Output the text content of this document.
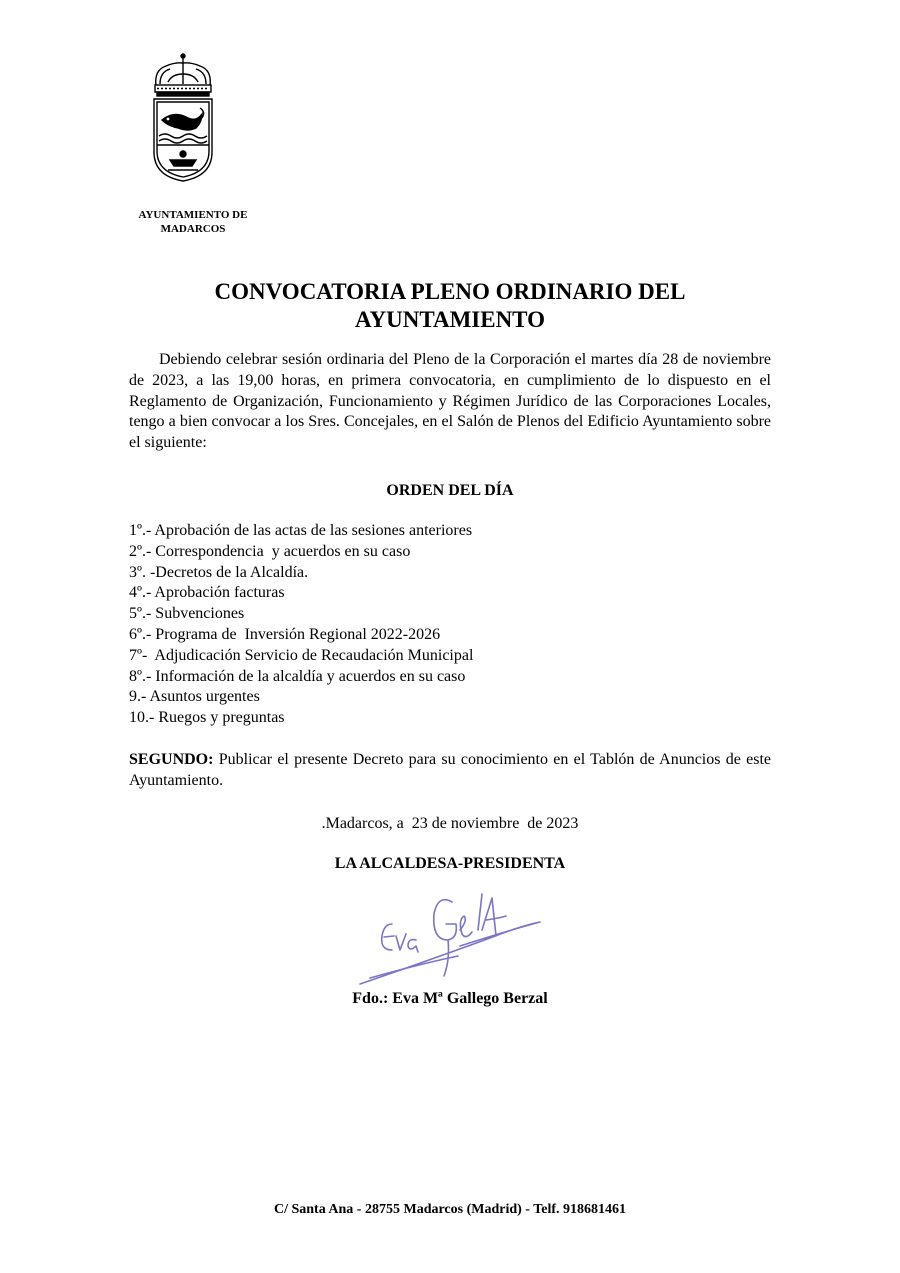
AYUNTAMIENTO DE
MADARCOS
CONVOCATORIA PLENO ORDINARIO DEL
AYUNTAMIENTO

Debiendo celebrar sesión ordinaria del Pleno de la Corporación el martes día 28 de noviembre de 2023, a las 19,00 horas, en primera convocatoria, en cumplimiento de lo dispuesto en el Reglamento de Organización, Funcionamiento y Régimen Jurídico de las Corporaciones Locales, tengo a bien convocar a los Sres. Concejales, en el Salón de Plenos del Edificio Ayuntamiento sobre el siguiente:

ORDEN DEL DÍA
1º.- Aprobación de las actas de las sesiones anteriores
2º.- Correspondencia  y acuerdos en su caso
3º. -Decretos de la Alcaldía.
4º.- Aprobación facturas
5º.- Subvenciones
6º.- Programa de  Inversión Regional 2022-2026
7º-  Adjudicación Servicio de Recaudación Municipal
8º.- Información de la alcaldía y acuerdos en su caso
9.- Asuntos urgentes
10.- Ruegos y preguntas

SEGUNDO: Publicar el presente Decreto para su conocimiento en el Tablón de Anuncios de este Ayuntamiento.

.Madarcos, a  23 de noviembre  de 2023
LA ALCALDESA-PRESIDENTA
Fdo.: Eva Mª Gallego Berzal
C/ Santa Ana - 28755 Madarcos (Madrid) - Telf. 918681461
